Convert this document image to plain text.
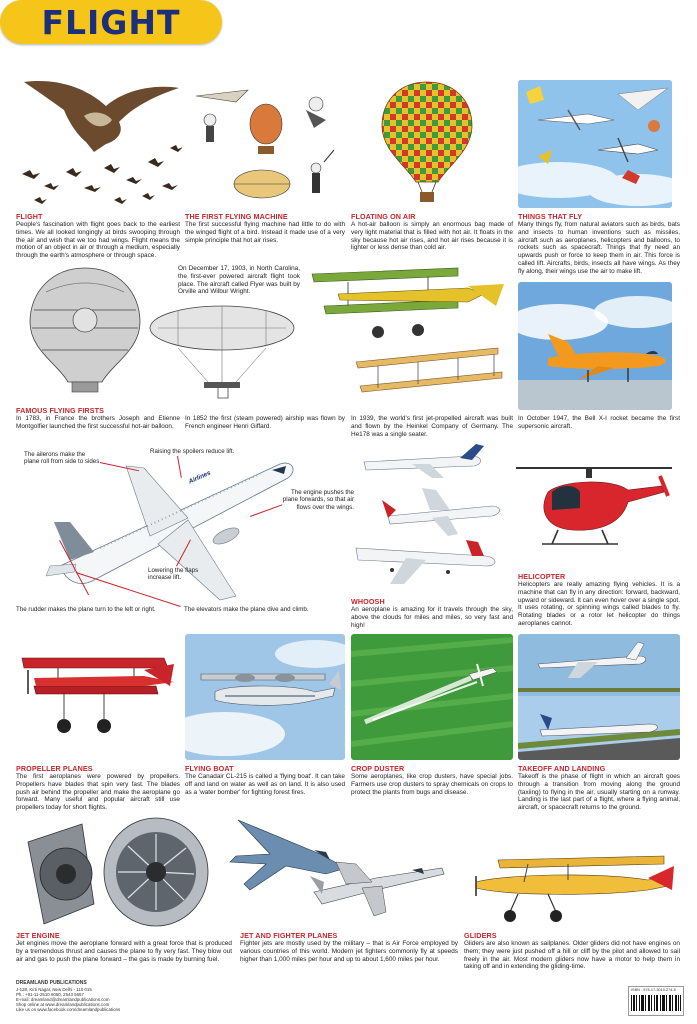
FLIGHT
FLIGHT
People's fascination with flight goes back to the earliest times. We all looked longingly at birds swooping through the air and wish that we too had wings. Flight means the motion of an object in air or through a medium, especially through the earth's atmosphere or through space.
THE FIRST FLYING MACHINE
The first successful flying machine had little to do with the winged flight of a bird. Instead it made use of a very simple principle that hot air rises.
FLOATING ON AIR
A hot-air balloon is simply an enormous bag made of very light material that is filled with hot air. It floats in the sky because hot air rises, and hot air rises because it is lighter or less dense than cold air.
THINGS THAT FLY
Many things fly, from natural aviators such as birds, bats and insects to human inventions such as missiles, aircraft such as aeroplanes, helicopters and balloons, to rockets such as spacecraft. Things that fly need an upwards push or force to keep them in air. This force is called lift. Aircrafts, birds, insects all have wings. As they fly along, their wings use the air to make lift.
On December 17, 1903, in North Carolina, the first-ever powered aircraft flight took place. The aircraft called Flyer was built by Orville and Wilbur Wright.
FAMOUS FLYING FIRSTS
In 1783, in France the brothers Joseph and Etienne Montgolfier launched the first successful hot-air balloon.
In 1852 the first (steam powered) airship was flown by French engineer Henri Giffard.
In 1939, the world's first jet-propelled aircraft was built and flown by the Heinkel Company of Germany. The He178 was a single seater.
In October 1947, the Bell X-I rocket became the first supersonic aircraft.
Airlines
The ailerons make the plane roll from side to sides
Raising the spoilers reduce lift.
The engine pushes the plane forwards, so that air flows over the wings.
Lowering the flaps increase lift.
The rudder makes the plane turn to the left or right.	The elevators make the plane dive and climb.
WHOOSH
An aeroplane is amazing for it travels through the sky, above the clouds for miles and miles, so very fast and high!
HELICOPTER
Helicopters are really amazing flying vehicles. It is a machine that can fly in any direction: forward, backward, upward or sideward. It can even hover over a single spot. It uses rotating, or spinning wings called blades to fly. Rotating blades or a rotor let helicopter do things aeroplanes cannot.
PROPELLER PLANES
The first aeroplanes were powered by propellers. Propellers have blades that spin very fast. The blades push air behind the propeller and make the aeroplane go forward. Many useful and popular aircraft still use propellers today for short flights.
FLYING BOAT
The Canadair CL-215 is called a 'flying boat'. It can take off and land on water as well as on land. It is also used as a 'water bomber' for fighting forest fires.
CROP DUSTER
Some aeroplanes, like crop dusters, have special jobs. Farmers use crop dusters to spray chemicals on crops to protect the plants from bugs and disease.
TAKEOFF AND LANDING
Takeoff is the phase of flight in which an aircraft goes through a transition from moving along the ground (taxiing) to flying in the air, usually starting on a runway. Landing is the last part of a flight, where a flying animal, aircraft, or spacecraft returns to the ground.
JET ENGINE
Jet engines move the aeroplane forward with a great force that is produced by a tremendous thrust and causes the plane to fly very fast. They blow out air and gas to push the plane forward – the gas is made by burning fuel.
JET AND FIGHTER PLANES
Fighter jets are mostly used by the military – that is Air Force employed by various countries of this world. Modern jet fighters commonly fly at speeds higher than 1,000 miles per hour and up to about 1,600 miles per hour.
GLIDERS
Gliders are also known as sailplanes. Older gliders did not have engines on them; they were just pushed off a hill or cliff by the pilot and allowed to sail freely in the air. Most modern gliders now have a motor to help them in taking off and in extending the gliding-time.
DREAMLAND PUBLICATIONS
J-128, Kirti Nagar, New Delhi - 110 015
Ph.: +91-11-2510 6050, 2543 5657
E-mail: dreamland@dreamlandpublications.com
Shop online at www.dreamlandpublications.com
Like us on www.facebook.com/dreamlandpublications
ISBN - 978-17-3019-274-5
